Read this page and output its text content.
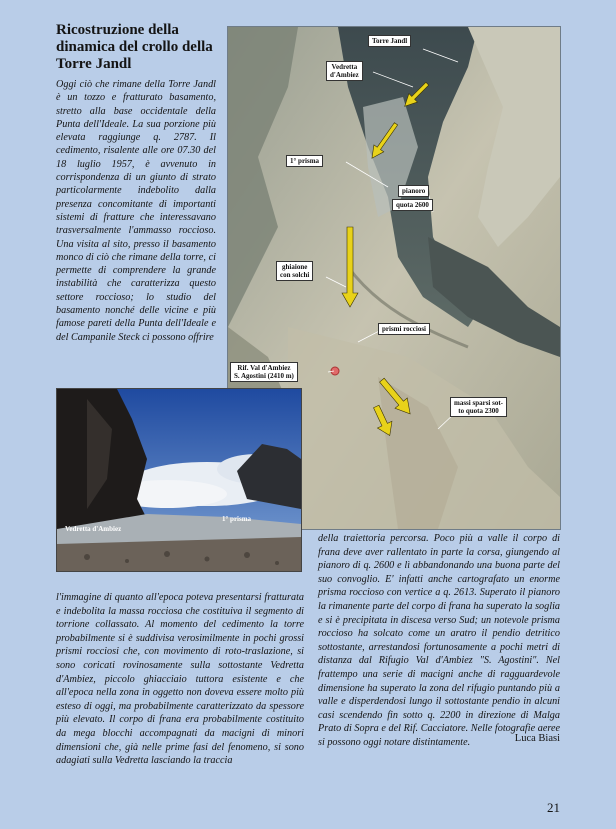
Ricostruzione della dinamica del crollo della Torre Jandl

Oggi ciò che rimane della Torre Jandl è un tozzo e fratturato basamento, stretto alla base occidentale della Punta dell'Ideale. La sua porzione più elevata raggiunge q. 2787. Il cedimento, risalente alle ore 07.30 del 18 luglio 1957, è avvenuto in corrispondenza di un giunto di strato particolarmente indebolito dalla presenza concomitante di importanti sistemi di fratture che interessavano trasversalmente l'ammasso roccioso. Una visita al sito, presso il basamento monco di ciò che rimane della torre, ci permette di comprendere la grande instabilità che caratterizza questo settore roccioso; lo studio del basamento nonché delle vicine e più famose pareti della Punta dell'Ideale e del Campanile Steck ci possono offrire

Torre Jandl
Vedretta
d'Ambiez
1° prisma
pianoro
quota 2600
ghiaione
con solchi
prismi rocciosi
Rif. Val d'Ambiez
S. Agostini (2410 m)
massi sparsi sot-
to quota 2300
Vedretta d'Ambiez
1° prisma

l'immagine di quanto all'epoca poteva presentarsi fratturata e indebolita la massa rocciosa che costituiva il segmento di torrione collassato. Al momento del cedimento la torre probabilmente si è suddivisa verosimilmente in pochi grossi prismi rocciosi che, con movimento di roto-traslazione, si sono coricati rovinosamente sulla sottostante Vedretta d'Ambiez, piccolo ghiacciaio tuttora esistente e che all'epoca nella zona in oggetto non doveva essere molto più esteso di oggi, ma probabilmente caratterizzato da spessore più elevato. Il corpo di frana era probabilmente costituito da mega blocchi accompagnati da macigni di minori dimensioni che, già nelle prime fasi del fenomeno, si sono adagiati sulla Vedretta lasciando la traccia

della traiettoria percorsa. Poco più a valle il corpo di frana deve aver rallentato in parte la corsa, giungendo al pianoro di q. 2600 e lì abbandonando una buona parte del suo convoglio. E' infatti anche cartografato un enorme prisma roccioso con vertice a q. 2613. Superato il pianoro la rimanente parte del corpo di frana ha superato la soglia e si è precipitata in discesa verso Sud; un notevole prisma roccioso ha solcato come un aratro il pendio detritico sottostante, arrestandosi fortunosamente a pochi metri di distanza dal Rifugio Val d'Ambiez "S. Agostini". Nel frattempo una serie di macigni anche di ragguardevole dimensione ha superato la zona del rifugio puntando più a valle e disperdendosi lungo il sottostante pendio in alcuni casi scendendo fin sotto q. 2200 in direzione di Malga Prato di Sopra e del Rif. Cacciatore. Nelle fotografie aeree si possono oggi notare distintamente.	Luca Biasi
21
